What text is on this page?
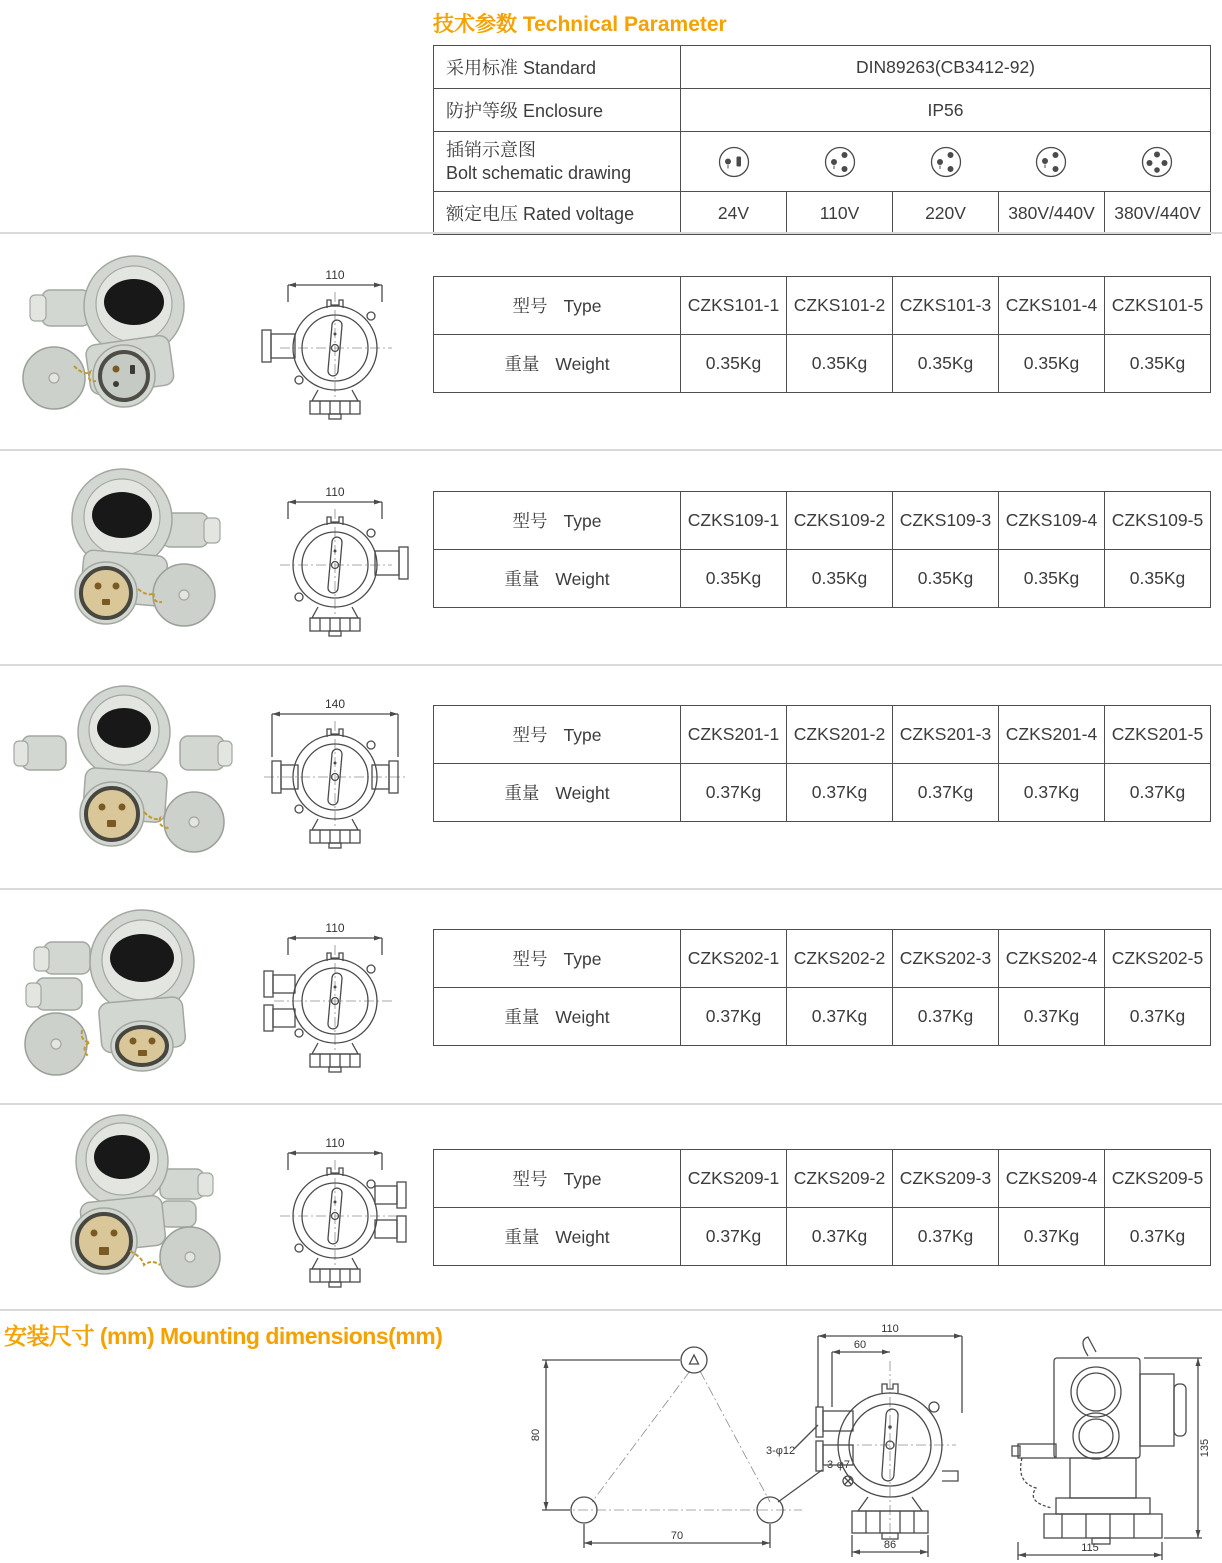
技术参数 Technical Parameter
采用标准 Standard	DIN89263(CB3412-92)				
防护等级 Enclosure	IP56				

插销示意图
Bolt schematic drawing

额定电压 Rated voltage	24V	110V	220V	380V/440V	380V/440V
110
型号 Type	CZKS101-1	CZKS101-2	CZKS101-3	CZKS101-4	CZKS101-5
重量 Weight	0.35Kg	0.35Kg	0.35Kg	0.35Kg	0.35Kg
110
型号 Type	CZKS109-1	CZKS109-2	CZKS109-3	CZKS109-4	CZKS109-5
重量 Weight	0.35Kg	0.35Kg	0.35Kg	0.35Kg	0.35Kg
140
型号 Type	CZKS201-1	CZKS201-2	CZKS201-3	CZKS201-4	CZKS201-5
重量 Weight	0.37Kg	0.37Kg	0.37Kg	0.37Kg	0.37Kg
110
型号 Type	CZKS202-1	CZKS202-2	CZKS202-3	CZKS202-4	CZKS202-5
重量 Weight	0.37Kg	0.37Kg	0.37Kg	0.37Kg	0.37Kg
110
型号 Type	CZKS209-1	CZKS209-2	CZKS209-3	CZKS209-4	CZKS209-5
重量 Weight	0.37Kg	0.37Kg	0.37Kg	0.37Kg	0.37Kg
安装尺寸 (mm) Mounting dimensions(mm)
80
70
3-φ7
110
60
3-φ12
86
135
115
